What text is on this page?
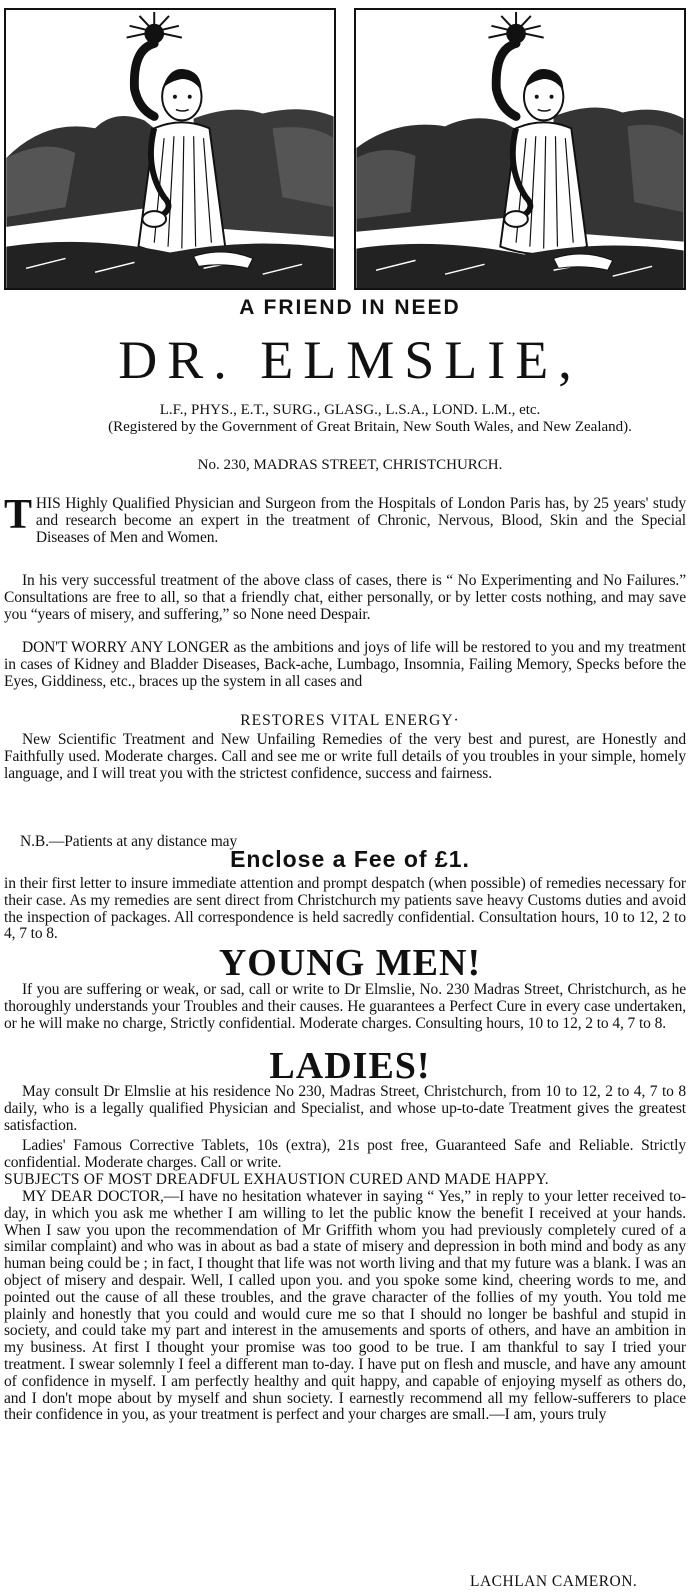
A FRIEND IN NEED
DR. ELMSLIE,
L.F., PHYS., E.T., SURG., GLASG., L.S.A., LOND. L.M., etc.
(Registered by the Government of Great Britain, New South Wales, and New Zealand).
No. 230, MADRAS STREET, CHRISTCHURCH.
T HIS Highly Qualified Physician and Surgeon from the Hospitals of London Paris has, by 25 years' study and research become an expert in the treatment of Chronic, Nervous, Blood, Skin and the Special Diseases of Men and Women.
In his very successful treatment of the above class of cases, there is “ No Experimenting and No Failures.” Consultations are free to all, so that a friendly chat, either personally, or by letter costs nothing, and may save you “years of misery, and suffering,” so None need Despair.
DON'T WORRY ANY LONGER as the ambitions and joys of life will be restored to you and my treatment in cases of Kidney and Bladder Diseases, Back-ache, Lumbago, Insomnia, Failing Memory, Specks before the Eyes, Giddiness, etc., braces up the system in all cases and
RESTORES VITAL ENERGY·
New Scientific Treatment and New Unfailing Remedies of the very best and purest, are Honestly and Faithfully used. Moderate charges. Call and see me or write full details of you troubles in your simple, homely language, and I will treat you with the strictest confidence, success and fairness.
N.B.—Patients at any distance may
Enclose a Fee of £1.
in their first letter to insure immediate attention and prompt despatch (when possible) of remedies necessary for their case. As my remedies are sent direct from Christchurch my patients save heavy Customs duties and avoid the inspection of packages. All correspondence is held sacredly confidential. Consultation hours, 10 to 12, 2 to 4, 7 to 8.
YOUNG MEN!
If you are suffering or weak, or sad, call or write to Dr Elmslie, No. 230 Madras Street, Christchurch, as he thoroughly understands your Troubles and their causes. He guarantees a Perfect Cure in every case undertaken, or he will make no charge, Strictly confidential. Moderate charges. Consulting hours, 10 to 12, 2 to 4, 7 to 8.
LADIES!
May consult Dr Elmslie at his residence No 230, Madras Street, Christchurch, from 10 to 12, 2 to 4, 7 to 8 daily, who is a legally qualified Physician and Specialist, and whose up-to-date Treatment gives the greatest satisfaction.
Ladies' Famous Corrective Tablets, 10s (extra), 21s post free, Guaranteed Safe and Reliable. Strictly confidential. Moderate charges. Call or write.
SUBJECTS OF MOST DREADFUL EXHAUSTION CURED AND MADE HAPPY.
MY DEAR DOCTOR,—I have no hesitation whatever in saying “ Yes,” in reply to your letter received to-day, in which you ask me whether I am willing to let the public know the benefit I received at your hands. When I saw you upon the recommendation of Mr Griffith whom you had previously completely cured of a similar complaint) and who was in about as bad a state of misery and depression in both mind and body as any human being could be ; in fact, I thought that life was not worth living and that my future was a blank. I was an object of misery and despair. Well, I called upon you. and you spoke some kind, cheering words to me, and pointed out the cause of all these troubles, and the grave character of the follies of my youth. You told me plainly and honestly that you could and would cure me so that I should no longer be bashful and stupid in society, and could take my part and interest in the amusements and sports of others, and have an ambition in my business. At first I thought your promise was too good to be true. I am thankful to say I tried your treatment. I swear solemnly I feel a different man to-day. I have put on flesh and muscle, and have any amount of confidence in myself. I am perfectly healthy and quit happy, and capable of enjoying myself as others do, and I don't mope about by myself and shun society. I earnestly recommend all my fellow-sufferers to place their confidence in you, as your treatment is perfect and your charges are small.—I am, yours truly
LACHLAN CAMERON.
